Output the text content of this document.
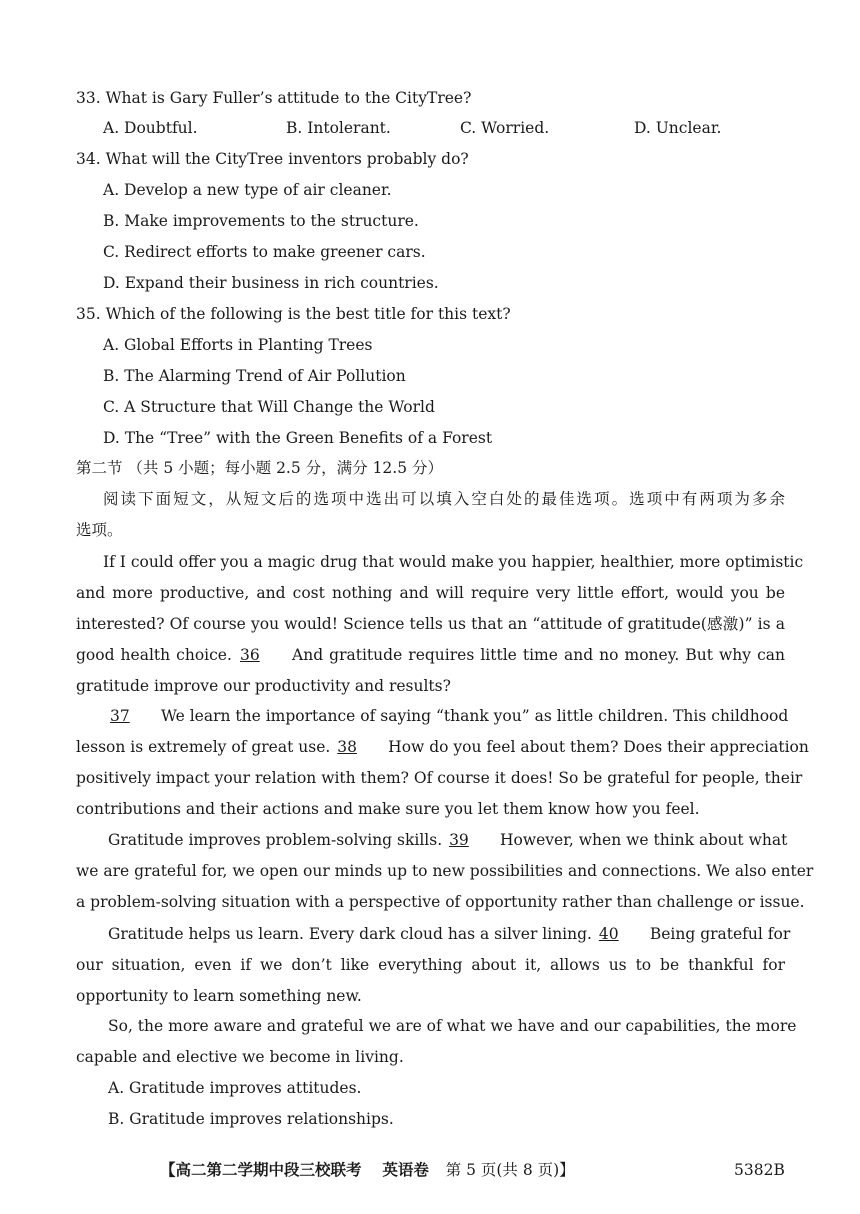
33. What is Gary Fuller’s attitude to the CityTree?
A. Doubtful.	B. Intolerant.	C. Worried.	D. Unclear.
34. What will the CityTree inventors probably do?
A. Develop a new type of air cleaner.
B. Make improvements to the structure.
C. Redirect efforts to make greener cars.
D. Expand their business in rich countries.
35. Which of the following is the best title for this text?
A. Global Efforts in Planting Trees
B. The Alarming Trend of Air Pollution
C. A Structure that Will Change the World
D. The “Tree” with the Green Benefits of a Forest
第二节 （共 5 小题；每小题 2.5 分，满分 12.5 分）
阅读下面短文，从短文后的选项中选出可以填入空白处的最佳选项。选项中有两项为多余
选项。
If I could offer you a magic drug that would make you happier, healthier, more optimistic
and more productive, and cost nothing and will require very little effort, would you be
interested? Of course you would! Science tells us that an “attitude of gratitude(感激)” is a
good health choice. 36 And gratitude requires little time and no money. But why can
gratitude improve our productivity and results?
37 We learn the importance of saying “thank you” as little children. This childhood
lesson is extremely of great use. 38 How do you feel about them? Does their appreciation
positively impact your relation with them? Of course it does! So be grateful for people, their
contributions and their actions and make sure you let them know how you feel.
Gratitude improves problem-solving skills. 39 However, when we think about what
we are grateful for, we open our minds up to new possibilities and connections. We also enter
a problem-solving situation with a perspective of opportunity rather than challenge or issue.
Gratitude helps us learn. Every dark cloud has a silver lining. 40 Being grateful for
our situation, even if we don’t like everything about it, allows us to be thankful for
opportunity to learn something new.
So, the more aware and grateful we are of what we have and our capabilities, the more
capable and elective we become in living.
A. Gratitude improves attitudes.
B. Gratitude improves relationships.
【高二第二学期中段三校联考 英语卷 第 5 页(共 8 页)】	5382B
